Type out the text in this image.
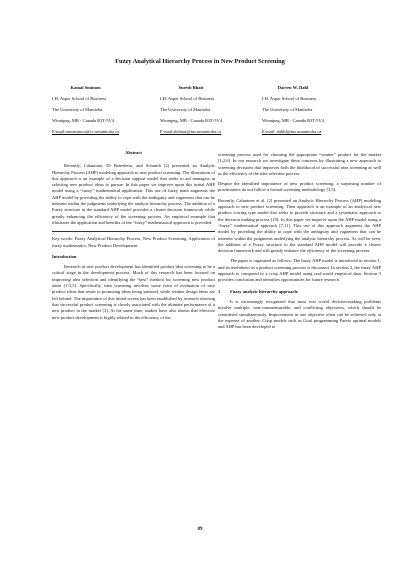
Fuzzy Analytical Hierarchy Process in New Product Screening
Kamal Smimou
I.H. Asper School of Business
The University of Manitoba
Winnipeg, MB - Canada R3T-5V4
E-mail:umsmimou@cc.umanitoba.ca
Suresh Bhatt
I.H. Asper School of Business
The University of Manitoba
Winnipeg, MB - Canada R3T-5V4
E-mail:skbhatt@ms.umanitoba.ca
Darren W. Dahl
I.H. Asper School of Business
The University of Manitoba
Winnipeg, MB - Canada R3T-5V4
E-mail: dahld@ms.umanitoba.ca
Abstract

Recently, Calantone, Di Benedetto, and Schmidt [2] presented an Analytic Hierarchy Process (AHP) modeling approach to new product screening. The illustration of this approach is an example of a decision support model that seeks to aid managers in selecting new product ideas to pursue. In this paper we improve upon this initial AHP model using a “fuzzy” mathematical application. This use of fuzzy math augments the AHP model by providing the ability to cope with the ambiguity and vagueness that can be inherent within the judgments underlying the analytic hierarchy process. The addition of a Fuzzy structure to the standard AHP model provides a clearer decision framework while greatly enhancing the efficiency of the screening process. An empirical example that illustrates the application and benefits of the “fuzzy” mathematical approach is provided.

Key words: Fuzzy Analytical Hierarchy Process, New Product Screening, Application of fuzzy mathematics, New Product Development.

Introduction

Research in new product development has identified product idea screening to be a critical stage in the development process. Much of this research has been focused on improving idea selection and identifying the “best” method for screening new product ideas [1-3,5]. Specifically, idea screening involves some form of evaluation of new product ideas that result in promising ideas being pursued, while weaker design ideas are left behind. The importance of this initial screen has been established by research showing that successful product screening is closely associated with the ultimate performance of a new product in the market [3]. At the same time, studies have also shown that effective new product development is highly related to the efficiency of the

screening process used for choosing the appropriate “winner” product for the market [1,2,6]. In our research we investigate these concerns by illustrating a new approach to screening decisions that improves both the likelihood of successful idea screening as well as the efficiency of the idea selection process.

Despite the identified importance of new product screening, a surprising number of practitioners do not follow a formal screening methodology [3,5].

Recently, Calantone et al. [2] presented an Analytic Hierarchy Process (AHP) modeling approach to new product screening. Their approach is an example of an analytical new product scoring type model that seeks to provide structure and a systematic approach to the decision making process [10]. In this paper we improve upon the AHP model using a “fuzzy” mathematical approach [7,11]. This use of this approach augments the AHP model by providing the ability to cope with the ambiguity and vagueness that can be inherent within the judgments underlying the analytic hierarchy process. As will be seen, the addition of a Fuzzy structure to the standard AHP model will provide a clearer decision framework and will greatly enhance the efficiency of the screening process.

The paper is organized as follows: The fuzzy AHP model is introduced in section 1, and its usefulness as a product screening process is discussed. In section 2, the fuzzy AHP approach is compared to a crisp AHP model using real-world empirical data. Section 3 provides conclusion and identifies opportunities for future research.

1 Fuzzy analytic hierarchy approach:

It is increasingly recognized that most real world decision-making problems involve multiple, non-commensurable, and conflicting objectives, which should be considered simultaneously. Improvement in one objective often can be achieved only at the expense of another. Crisp models such as Goal programming Pareto optimal models and AHP has been developed to

89
